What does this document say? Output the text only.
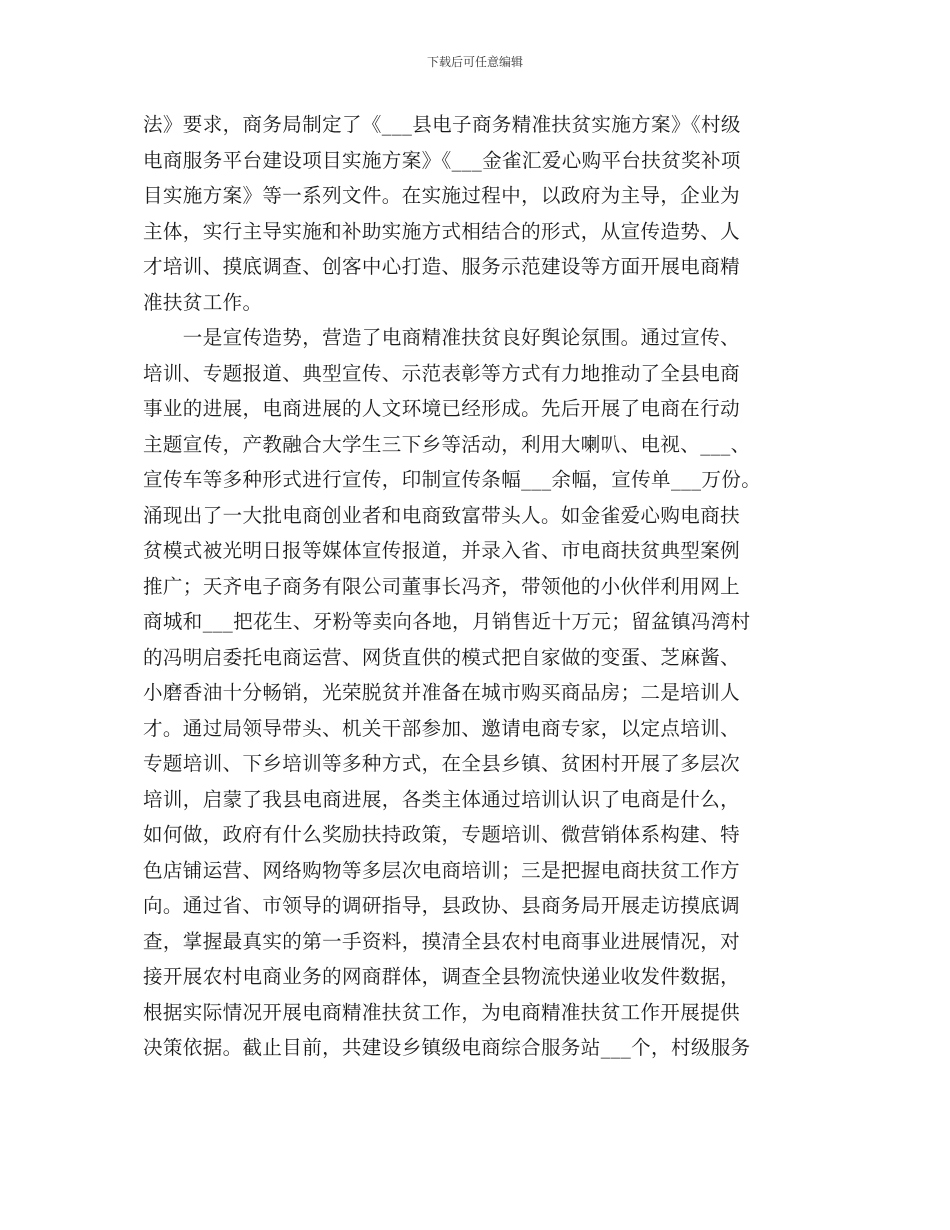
下载后可任意编辑
法》要求，商务局制定了《___县电子商务精准扶贫实施方案》《村级
电商服务平台建设项目实施方案》《___金雀汇爱心购平台扶贫奖补项
目实施方案》等一系列文件。在实施过程中，以政府为主导，企业为
主体，实行主导实施和补助实施方式相结合的形式，从宣传造势、人
才培训、摸底调查、创客中心打造、服务示范建设等方面开展电商精
准扶贫工作。
　　一是宣传造势，营造了电商精准扶贫良好舆论氛围。通过宣传、
培训、专题报道、典型宣传、示范表彰等方式有力地推动了全县电商
事业的进展，电商进展的人文环境已经形成。先后开展了电商在行动
主题宣传，产教融合大学生三下乡等活动，利用大喇叭、电视、___、
宣传车等多种形式进行宣传，印制宣传条幅___余幅，宣传单___万份。
涌现出了一大批电商创业者和电商致富带头人。如金雀爱心购电商扶
贫模式被光明日报等媒体宣传报道，并录入省、市电商扶贫典型案例
推广；天齐电子商务有限公司董事长冯齐，带领他的小伙伴利用网上
商城和___把花生、牙粉等卖向各地，月销售近十万元；留盆镇冯湾村
的冯明启委托电商运营、网货直供的模式把自家做的变蛋、芝麻酱、
小磨香油十分畅销，光荣脱贫并准备在城市购买商品房；二是培训人
才。通过局领导带头、机关干部参加、邀请电商专家，以定点培训、
专题培训、下乡培训等多种方式，在全县乡镇、贫困村开展了多层次
培训，启蒙了我县电商进展，各类主体通过培训认识了电商是什么，
如何做，政府有什么奖励扶持政策，专题培训、微营销体系构建、特
色店铺运营、网络购物等多层次电商培训；三是把握电商扶贫工作方
向。通过省、市领导的调研指导，县政协、县商务局开展走访摸底调
查，掌握最真实的第一手资料，摸清全县农村电商事业进展情况，对
接开展农村电商业务的网商群体，调查全县物流快递业收发件数据，
根据实际情况开展电商精准扶贫工作，为电商精准扶贫工作开展提供
决策依据。截止目前，共建设乡镇级电商综合服务站___个，村级服务
